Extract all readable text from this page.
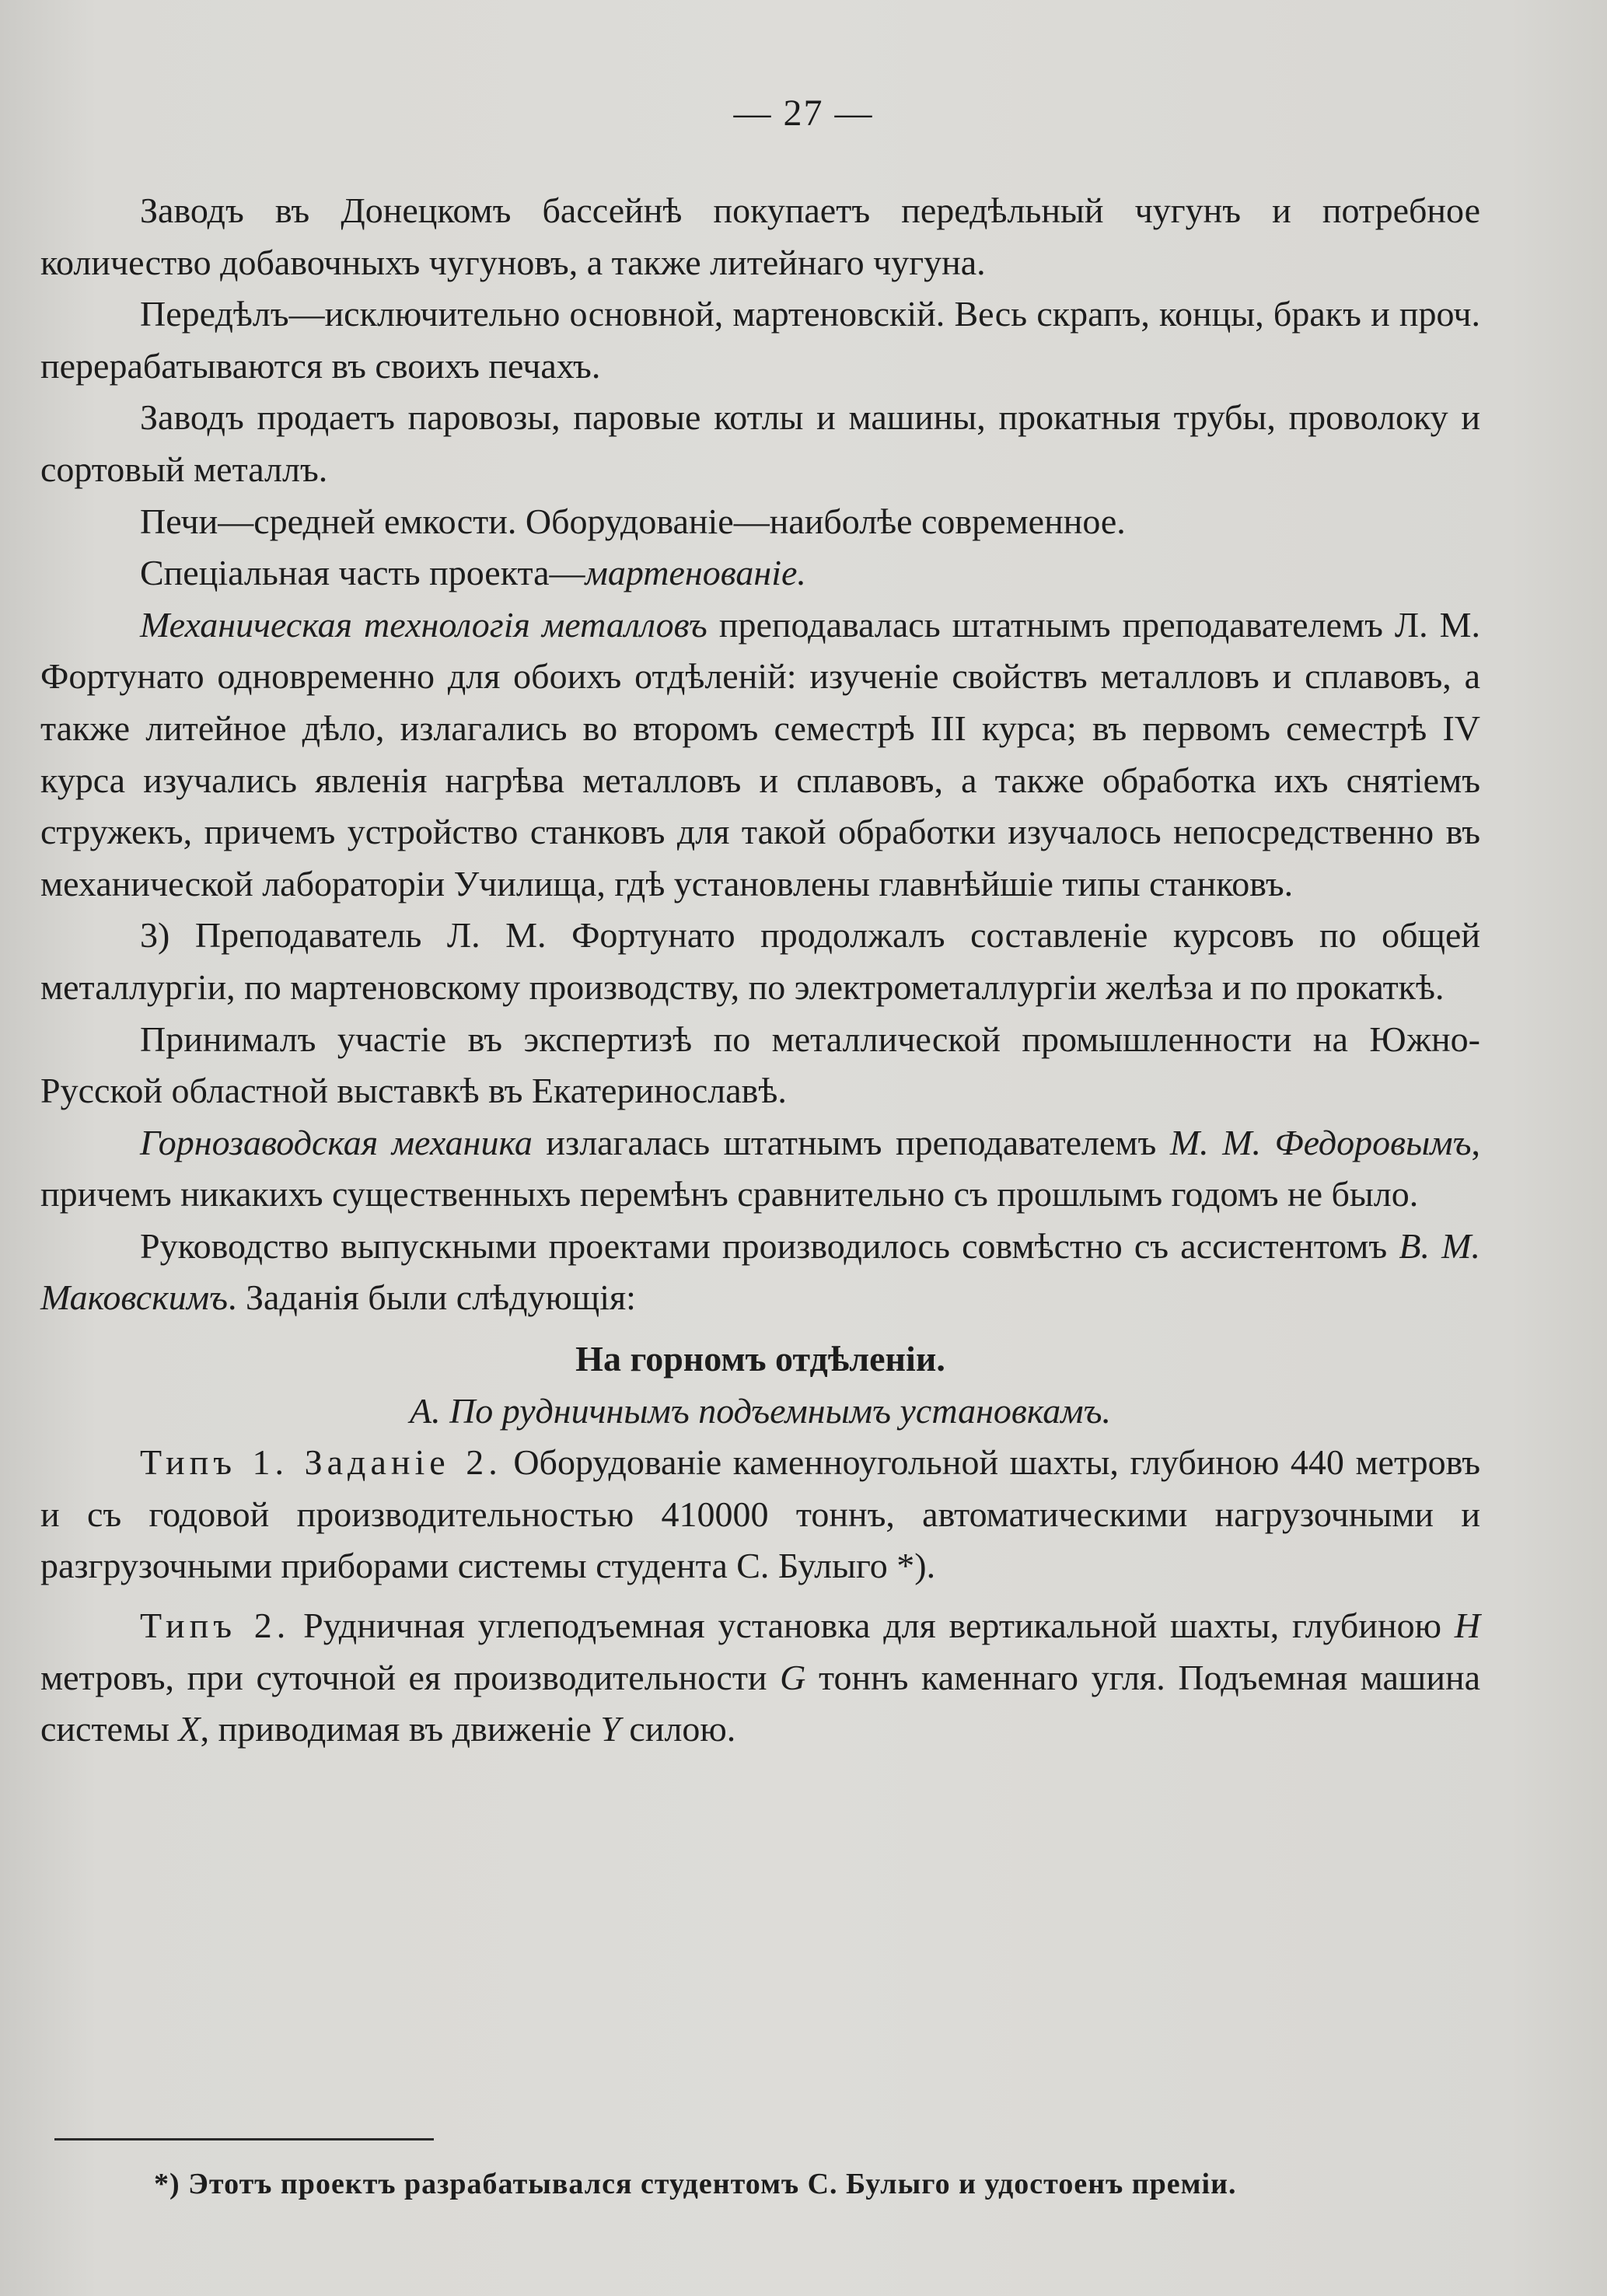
— 27 —

Заводъ въ Донецкомъ бассейнѣ покупаетъ передѣльный чугунъ и потребное количество добавочныхъ чугуновъ, а также литейнаго чугуна.

Передѣлъ—исключительно основной, мартеновскій. Весь скрапъ, концы, бракъ и проч. перерабатываются въ своихъ печахъ.

Заводъ продаетъ паровозы, паровые котлы и машины, прокатныя трубы, проволоку и сортовый металлъ.

Печи—средней емкости. Оборудованіе—наиболѣе современное.

Спеціальная часть проекта—мартенованіе.

Механическая технологія металловъ преподавалась штатнымъ преподавателемъ Л. М. Фортунато одновременно для обоихъ отдѣленій: изученіе свойствъ металловъ и сплавовъ, а также литейное дѣло, излагались во второмъ семестрѣ III курса; въ первомъ семестрѣ IV курса изучались явленія нагрѣва металловъ и сплавовъ, а также обработка ихъ снятіемъ стружекъ, причемъ устройство станковъ для такой обработки изучалось непосредственно въ механической лабораторіи Училища, гдѣ установлены главнѣйшіе типы станковъ.

3) Преподаватель Л. М. Фортунато продолжалъ составленіе курсовъ по общей металлургіи, по мартеновскому производству, по электрометаллургіи желѣза и по прокаткѣ.

Принималъ участіе въ экспертизѣ по металлической промышленности на Южно-Русской областной выставкѣ въ Екатеринославѣ.

Горнозаводская механика излагалась штатнымъ преподавателемъ М. М. Федоровымъ, причемъ никакихъ существенныхъ перемѣнъ сравнительно съ прошлымъ годомъ не было.

Руководство выпускными проектами производилось совмѣстно съ ассистентомъ В. М. Маковскимъ. Заданія были слѣдующія:

На горномъ отдѣленіи.

А. По рудничнымъ подъемнымъ установкамъ.

Типъ 1. Заданіе 2. Оборудованіе каменноугольной шахты, глубиною 440 метровъ и съ годовой производительностью 410000 тоннъ, автоматическими нагрузочными и разгрузочными приборами системы студента С. Булыго *).

Типъ 2. Рудничная углеподъемная установка для вертикальной шахты, глубиною H метровъ, при суточной ея производительности G тоннъ каменнаго угля. Подъемная машина системы X, приводимая въ движеніе Y силою.

*) Этотъ проектъ разрабатывался студентомъ С. Булыго и удостоенъ преміи.
